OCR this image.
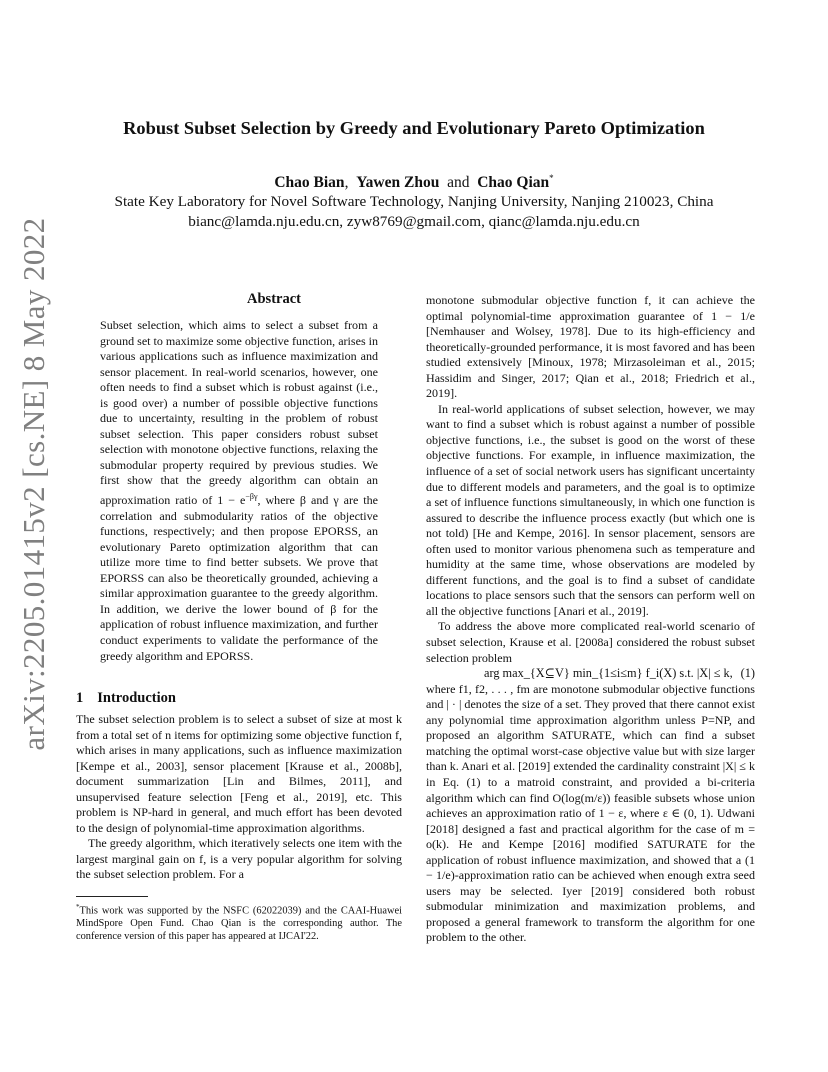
arXiv:2205.01415v2 [cs.NE] 8 May 2022
Robust Subset Selection by Greedy and Evolutionary Pareto Optimization
Chao Bian, Yawen Zhou and Chao Qian*
State Key Laboratory for Novel Software Technology, Nanjing University, Nanjing 210023, China
bianc@lamda.nju.edu.cn, zyw8769@gmail.com, qianc@lamda.nju.edu.cn
Abstract

Subset selection, which aims to select a subset from a ground set to maximize some objective function, arises in various applications such as influence maximization and sensor placement. In real-world scenarios, however, one often needs to find a subset which is robust against (i.e., is good over) a number of possible objective functions due to uncertainty, resulting in the problem of robust subset selection. This paper considers robust subset selection with monotone objective functions, relaxing the submodular property required by previous studies. We first show that the greedy algorithm can obtain an approximation ratio of $1 - e^{-\beta\gamma}$, where β and γ are the correlation and submodularity ratios of the objective functions, respectively; and then propose EPORSS, an evolutionary Pareto optimization algorithm that can utilize more time to find better subsets. We prove that EPORSS can also be theoretically grounded, achieving a similar approximation guarantee to the greedy algorithm. In addition, we derive the lower bound of β for the application of robust influence maximization, and further conduct experiments to validate the performance of the greedy algorithm and EPORSS.

1 Introduction

The subset selection problem is to select a subset of size at most k from a total set of n items for optimizing some objective function f, which arises in many applications, such as influence maximization [Kempe et al., 2003], sensor placement [Krause et al., 2008b], document summarization [Lin and Bilmes, 2011], and unsupervised feature selection [Feng et al., 2019], etc. This problem is NP-hard in general, and much effort has been devoted to the design of polynomial-time approximation algorithms.

The greedy algorithm, which iteratively selects one item with the largest marginal gain on f, is a very popular algorithm for solving the subset selection problem. For a

*This work was supported by the NSFC (62022039) and the CAAI-Huawei MindSpore Open Fund. Chao Qian is the corresponding author. The conference version of this paper has appeared at IJCAI'22.

monotone submodular objective function f, it can achieve the optimal polynomial-time approximation guarantee of 1 − 1/e [Nemhauser and Wolsey, 1978]. Due to its high-efficiency and theoretically-grounded performance, it is most favored and has been studied extensively [Minoux, 1978; Mirzasoleiman et al., 2015; Hassidim and Singer, 2017; Qian et al., 2018; Friedrich et al., 2019].

In real-world applications of subset selection, however, we may want to find a subset which is robust against a number of possible objective functions, i.e., the subset is good on the worst of these objective functions. For example, in influence maximization, the influence of a set of social network users has significant uncertainty due to different models and parameters, and the goal is to optimize a set of influence functions simultaneously, in which one function is assured to describe the influence process exactly (but which one is not told) [He and Kempe, 2016]. In sensor placement, sensors are often used to monitor various phenomena such as temperature and humidity at the same time, whose observations are modeled by different functions, and the goal is to find a subset of candidate locations to place sensors such that the sensors can perform well on all the objective functions [Anari et al., 2019].

To address the above more complicated real-world scenario of subset selection, Krause et al. [2008a] considered the robust subset selection problem

arg max_{X⊆V} min_{1≤i≤m} f_i(X) s.t. |X| ≤ k, (1)

where f1, f2, . . . , fm are monotone submodular objective functions and | · | denotes the size of a set. They proved that there cannot exist any polynomial time approximation algorithm unless P=NP, and proposed an algorithm SATURATE, which can find a subset matching the optimal worst-case objective value but with size larger than k. Anari et al. [2019] extended the cardinality constraint |X| ≤ k in Eq. (1) to a matroid constraint, and provided a bi-criteria algorithm which can find O(log(m/ε)) feasible subsets whose union achieves an approximation ratio of 1 − ε, where ε ∈ (0, 1). Udwani [2018] designed a fast and practical algorithm for the case of m = o(k). He and Kempe [2016] modified SATURATE for the application of robust influence maximization, and showed that a (1 − 1/e)-approximation ratio can be achieved when enough extra seed users may be selected. Iyer [2019] considered both robust submodular minimization and maximization problems, and proposed a general framework to transform the algorithm for one problem to the other.
